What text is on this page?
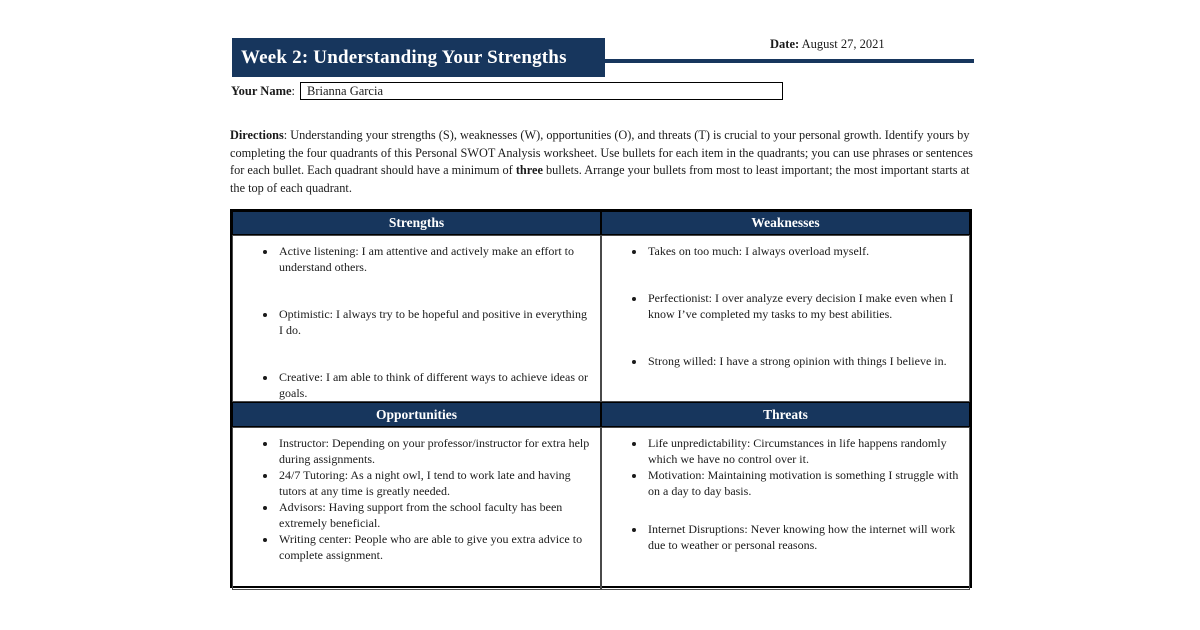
Week 2: Understanding Your Strengths
Date: August 27, 2021
Your Name:
Brianna Garcia
Directions: Understanding your strengths (S), weaknesses (W), opportunities (O), and threats (T) is crucial to your personal growth. Identify yours by completing the four quadrants of this Personal SWOT Analysis worksheet. Use bullets for each item in the quadrants; you can use phrases or sentences for each bullet. Each quadrant should have a minimum of three bullets. Arrange your bullets from most to least important; the most important starts at the top of each quadrant.
Strengths	Weaknesses
• Active listening: I am attentive and actively make an effort to understand others.
• Optimistic: I always try to be hopeful and positive in everything I do.
• Creative: I am able to think of different ways to achieve ideas or goals.
• Takes on too much: I always overload myself.
• Perfectionist: I over analyze every decision I make even when I know I’ve completed my tasks to my best abilities.
• Strong willed: I have a strong opinion with things I believe in.
Opportunities	Threats
• Instructor: Depending on your professor/instructor for extra help during assignments.
• 24/7 Tutoring: As a night owl, I tend to work late and having tutors at any time is greatly needed.
• Advisors: Having support from the school faculty has been extremely beneficial.
• Writing center: People who are able to give you extra advice to complete assignment.
• Life unpredictability: Circumstances in life happens randomly which we have no control over it.
• Motivation: Maintaining motivation is something I struggle with on a day to day basis.
• Internet Disruptions: Never knowing how the internet will work due to weather or personal reasons.
